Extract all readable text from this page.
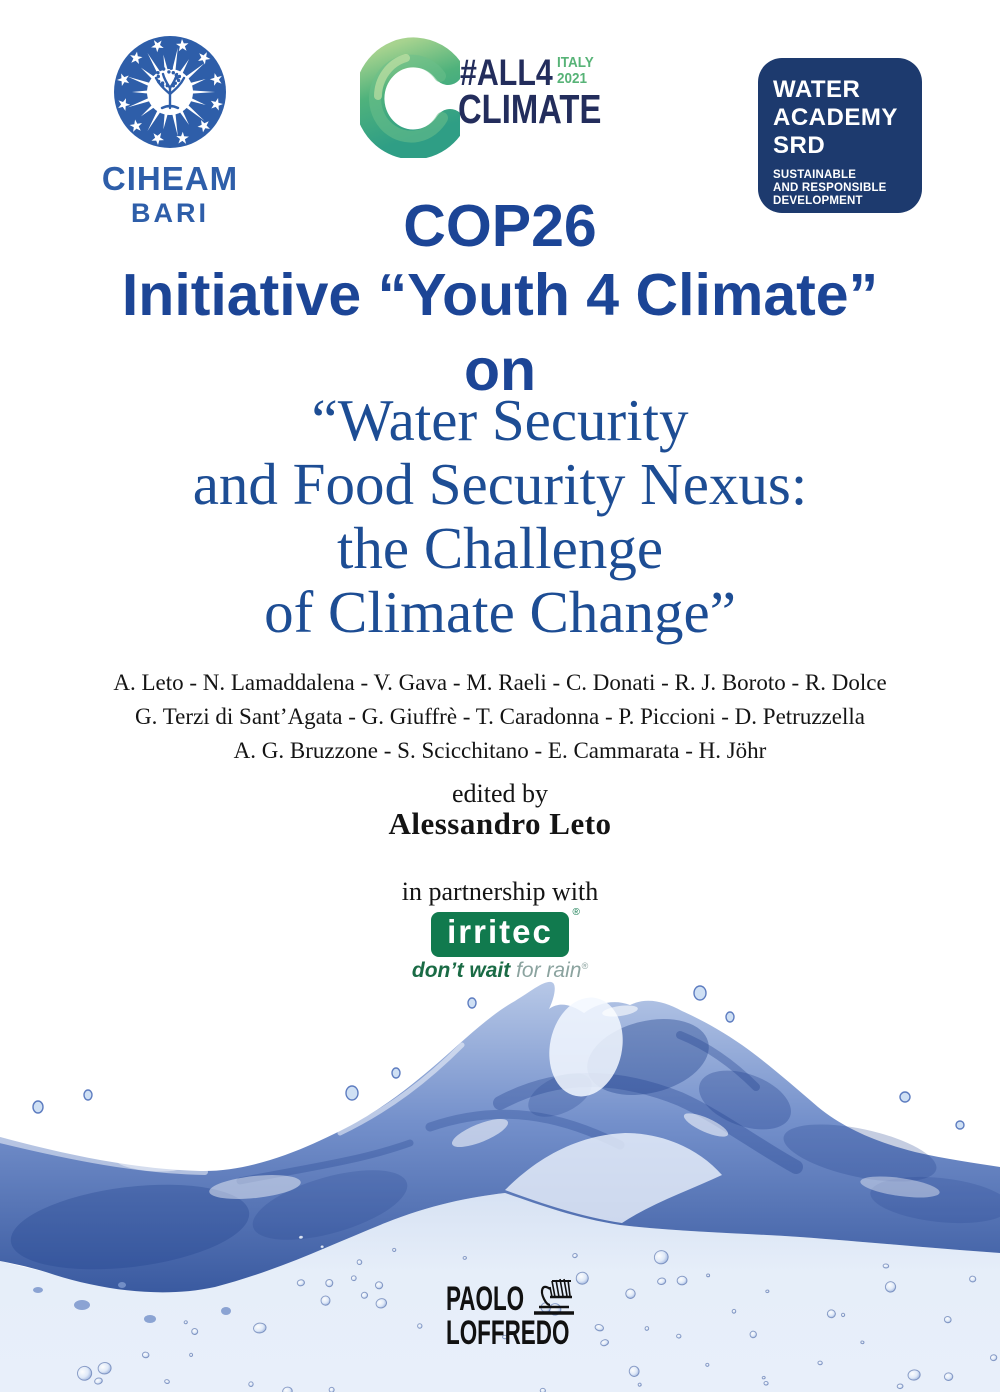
CIHEAM
BARI
#ALL4 ITALY
2021
CLIMATE	WATER
ACADEMY
SRD
SUSTAINABLE
AND RESPONSIBLE
DEVELOPMENT
COP26
Initiative “Youth 4 Climate”
on
“Water Security
and Food Security Nexus:
the Challenge
of Climate Change”
A. Leto - N. Lamaddalena - V. Gava - M. Raeli - C. Donati - R. J. Boroto - R. Dolce
G. Terzi di Sant’Agata - G. Giuffrè - T. Caradonna - P. Piccioni - D. Petruzzella
A. G. Bruzzone - S. Scicchitano - E. Cammarata - H. Jöhr
edited by
Alessandro Leto
in partnership with
irritec
®
don’t wait for rain®
PAOLO
LOFFREDO
